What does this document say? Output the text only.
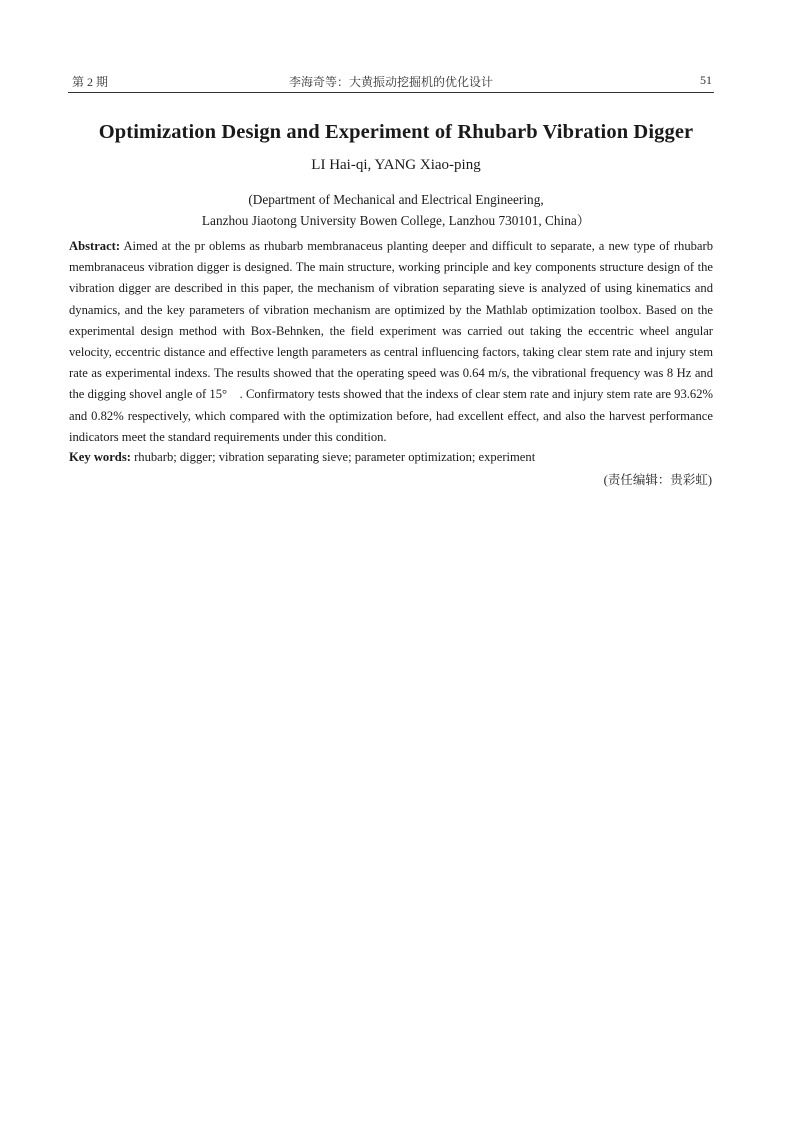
第 2 期	李海奇等：大黄振动挖掘机的优化设计	51
Optimization Design and Experiment of Rhubarb Vibration Digger
LI Hai-qi, YANG Xiao-ping
(Department of Mechanical and Electrical Engineering,
Lanzhou Jiaotong University Bowen College, Lanzhou 730101, China）

Abstract: Aimed at the pr oblems as rhubarb membranaceus planting deeper and difficult to separate, a new type of rhubarb membranaceus vibration digger is designed. The main structure, working principle and key components structure design of the vibration digger are described in this paper, the mechanism of vibration separating sieve is analyzed of using kinematics and dynamics, and the key parameters of vibration mechanism are optimized by the Mathlab optimization toolbox. Based on the experimental design method with Box-Behnken, the field experiment was carried out taking the eccentric wheel angular velocity, eccentric distance and effective length parameters as central influencing factors, taking clear stem rate and injury stem rate as experimental indexs. The results showed that the operating speed was 0.64 m/s, the vibrational frequency was 8 Hz and the digging shovel angle of 15°　. Confirmatory tests showed that the indexs of clear stem rate and injury stem rate are 93.62% and 0.82% respectively, which compared with the optimization before, had excellent effect, and also the harvest performance indicators meet the standard requirements under this condition.

Key words: rhubarb; digger; vibration separating sieve; parameter optimization; experiment
(责任编辑：贵彩虹)
